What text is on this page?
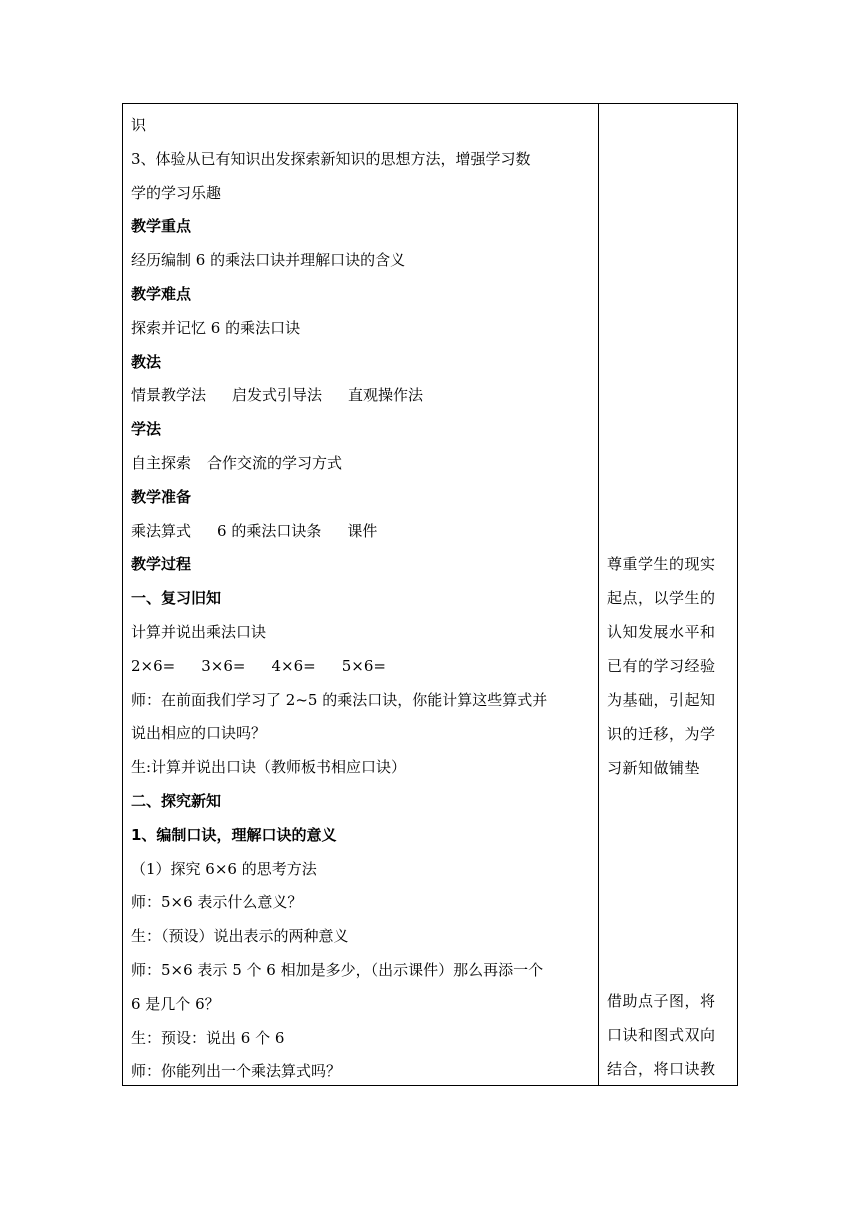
识
3、体验从已有知识出发探索新知识的思想方法，增强学习数
学的学习乐趣
教学重点
经历编制 6 的乘法口诀并理解口诀的含义
教学难点
探索并记忆 6 的乘法口诀
教法
情景教学法 启发式引导法 直观操作法
学法
自主探索 合作交流的学习方式
教学准备
乘法算式 6 的乘法口诀条 课件
教学过程
一、复习旧知
计算并说出乘法口诀
2×6= 3×6= 4×6= 5×6=
师：在前面我们学习了 2~5 的乘法口诀，你能计算这些算式并
说出相应的口诀吗？
生:计算并说出口诀（教师板书相应口诀）
二、探究新知
1、编制口诀，理解口诀的意义
（1）探究 6×6 的思考方法
师：5×6 表示什么意义？
生：（预设）说出表示的两种意义
师：5×6 表示 5 个 6 相加是多少，（出示课件）那么再添一个
6 是几个 6？
生：预设：说出 6 个 6
师：你能列出一个乘法算式吗？
尊重学生的现实
起点，以学生的
认知发展水平和
已有的学习经验
为基础，引起知
识的迁移，为学
习新知做铺垫
借助点子图，将
口诀和图式双向
结合，将口诀教
